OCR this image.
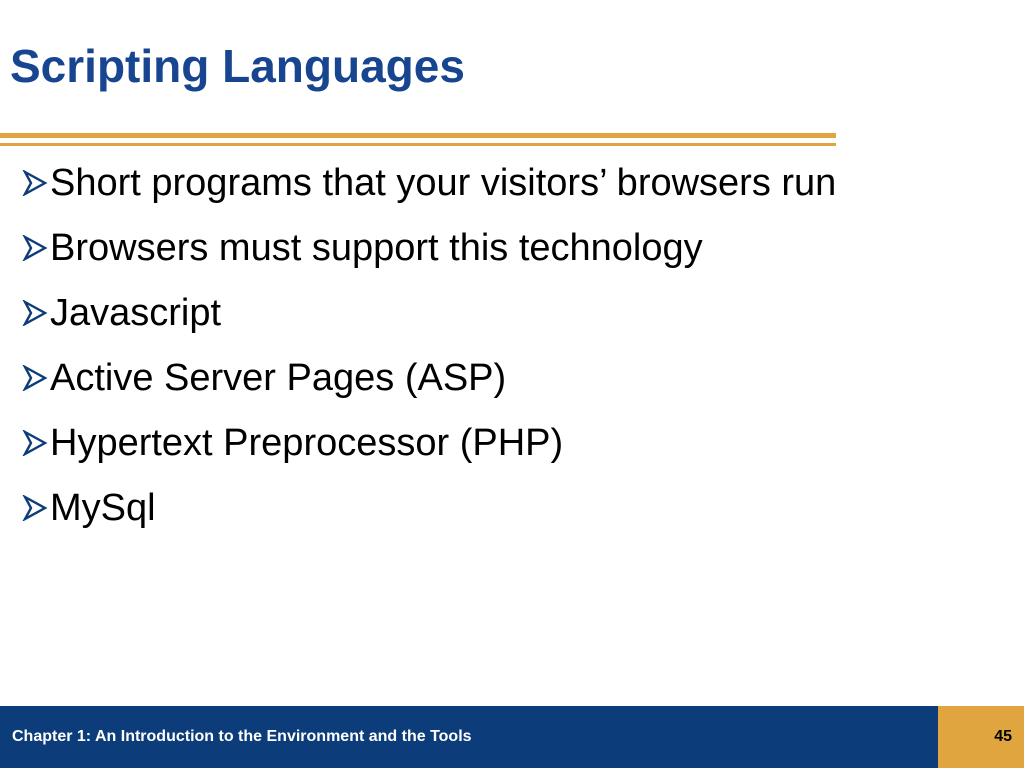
Scripting Languages
Short programs that your visitors’ browsers run
Browsers must support this technology
Javascript
Active Server Pages (ASP)
Hypertext Preprocessor (PHP)
MySql
Chapter 1: An Introduction to the Environment and the Tools	45
